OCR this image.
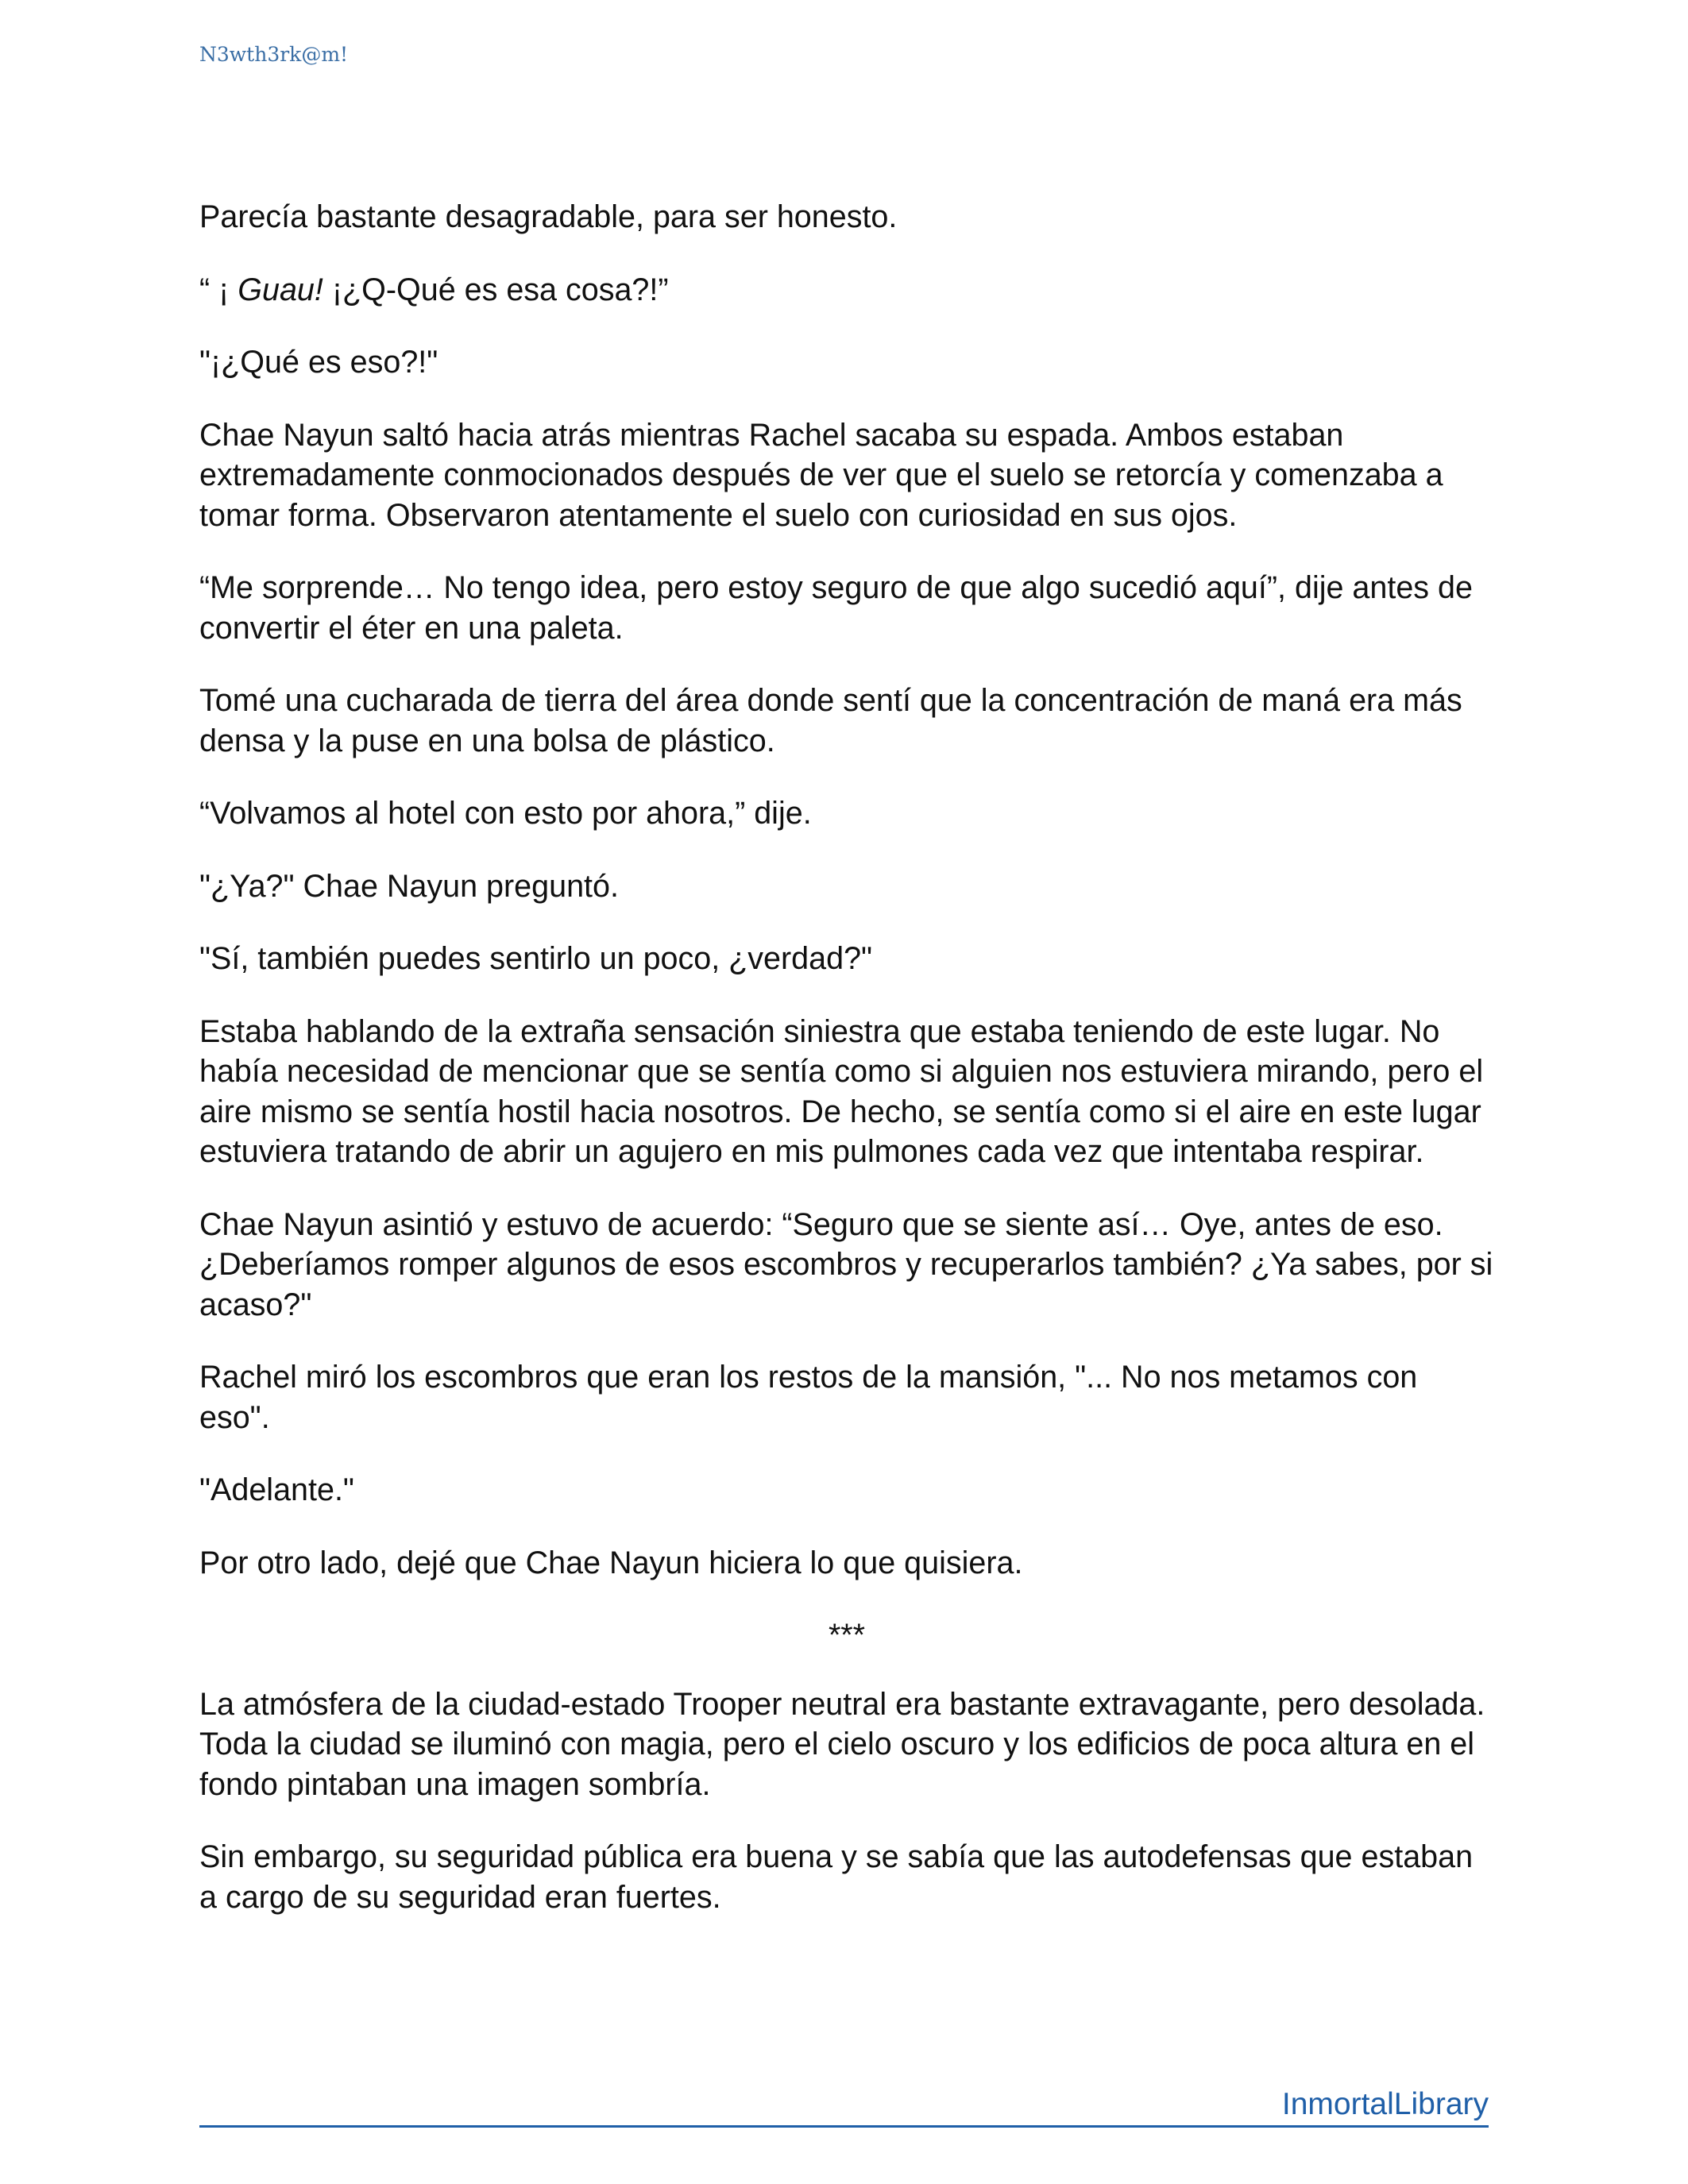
N3wth3rk@m!

Parecía bastante desagradable, para ser honesto.

“ ¡ Guau! ¡¿Q-Qué es esa cosa?!”

"¡¿Qué es eso?!"

Chae Nayun saltó hacia atrás mientras Rachel sacaba su espada. Ambos estaban extremadamente conmocionados después de ver que el suelo se retorcía y comenzaba a tomar forma. Observaron atentamente el suelo con curiosidad en sus ojos.

“Me sorprende… No tengo idea, pero estoy seguro de que algo sucedió aquí”, dije antes de convertir el éter en una paleta.

Tomé una cucharada de tierra del área donde sentí que la concentración de maná era más densa y la puse en una bolsa de plástico.

“Volvamos al hotel con esto por ahora,” dije.

"¿Ya?" Chae Nayun preguntó.

"Sí, también puedes sentirlo un poco, ¿verdad?"

Estaba hablando de la extraña sensación siniestra que estaba teniendo de este lugar. No había necesidad de mencionar que se sentía como si alguien nos estuviera mirando, pero el aire mismo se sentía hostil hacia nosotros. De hecho, se sentía como si el aire en este lugar estuviera tratando de abrir un agujero en mis pulmones cada vez que intentaba respirar.

Chae Nayun asintió y estuvo de acuerdo: “Seguro que se siente así… Oye, antes de eso. ¿Deberíamos romper algunos de esos escombros y recuperarlos también? ¿Ya sabes, por si acaso?"

Rachel miró los escombros que eran los restos de la mansión, "... No nos metamos con eso".

"Adelante."

Por otro lado, dejé que Chae Nayun hiciera lo que quisiera.

***

La atmósfera de la ciudad-estado Trooper neutral era bastante extravagante, pero desolada. Toda la ciudad se iluminó con magia, pero el cielo oscuro y los edificios de poca altura en el fondo pintaban una imagen sombría.

Sin embargo, su seguridad pública era buena y se sabía que las autodefensas que estaban a cargo de su seguridad eran fuertes.

InmortalLibrary
